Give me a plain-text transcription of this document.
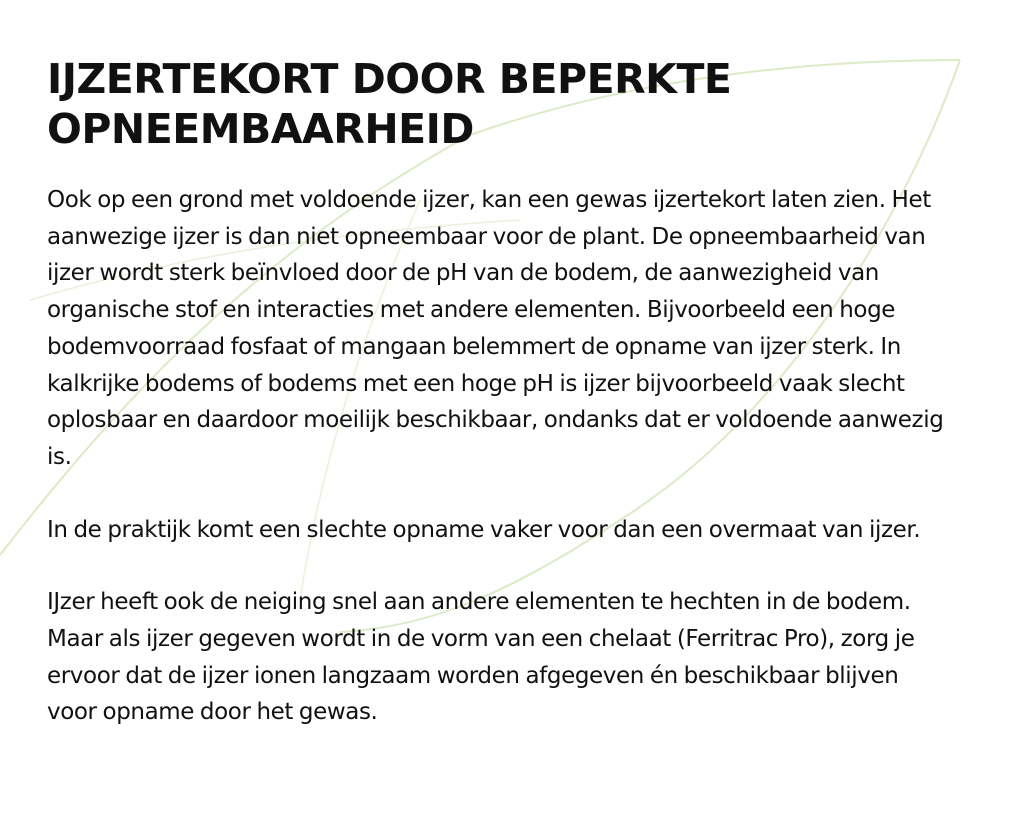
IJZERTEKORT DOOR BEPERKTE OPNEEMBAARHEID

Ook op een grond met voldoende ijzer, kan een gewas ijzertekort laten zien. Het aanwezige ijzer is dan niet opneembaar voor de plant. De opneembaarheid van ijzer wordt sterk beïnvloed door de pH van de bodem, de aanwezigheid van organische stof en interacties met andere elementen. Bijvoorbeeld een hoge bodemvoorraad fosfaat of mangaan belemmert de opname van ijzer sterk. In kalkrijke bodems of bodems met een hoge pH is ijzer bijvoorbeeld vaak slecht oplosbaar en daardoor moeilijk beschikbaar, ondanks dat er voldoende aanwezig is.

In de praktijk komt een slechte opname vaker voor dan een overmaat van ijzer.

IJzer heeft ook de neiging snel aan andere elementen te hechten in de bodem. Maar als ijzer gegeven wordt in de vorm van een chelaat (Ferritrac Pro), zorg je ervoor dat de ijzer ionen langzaam worden afgegeven én beschikbaar blijven voor opname door het gewas.
